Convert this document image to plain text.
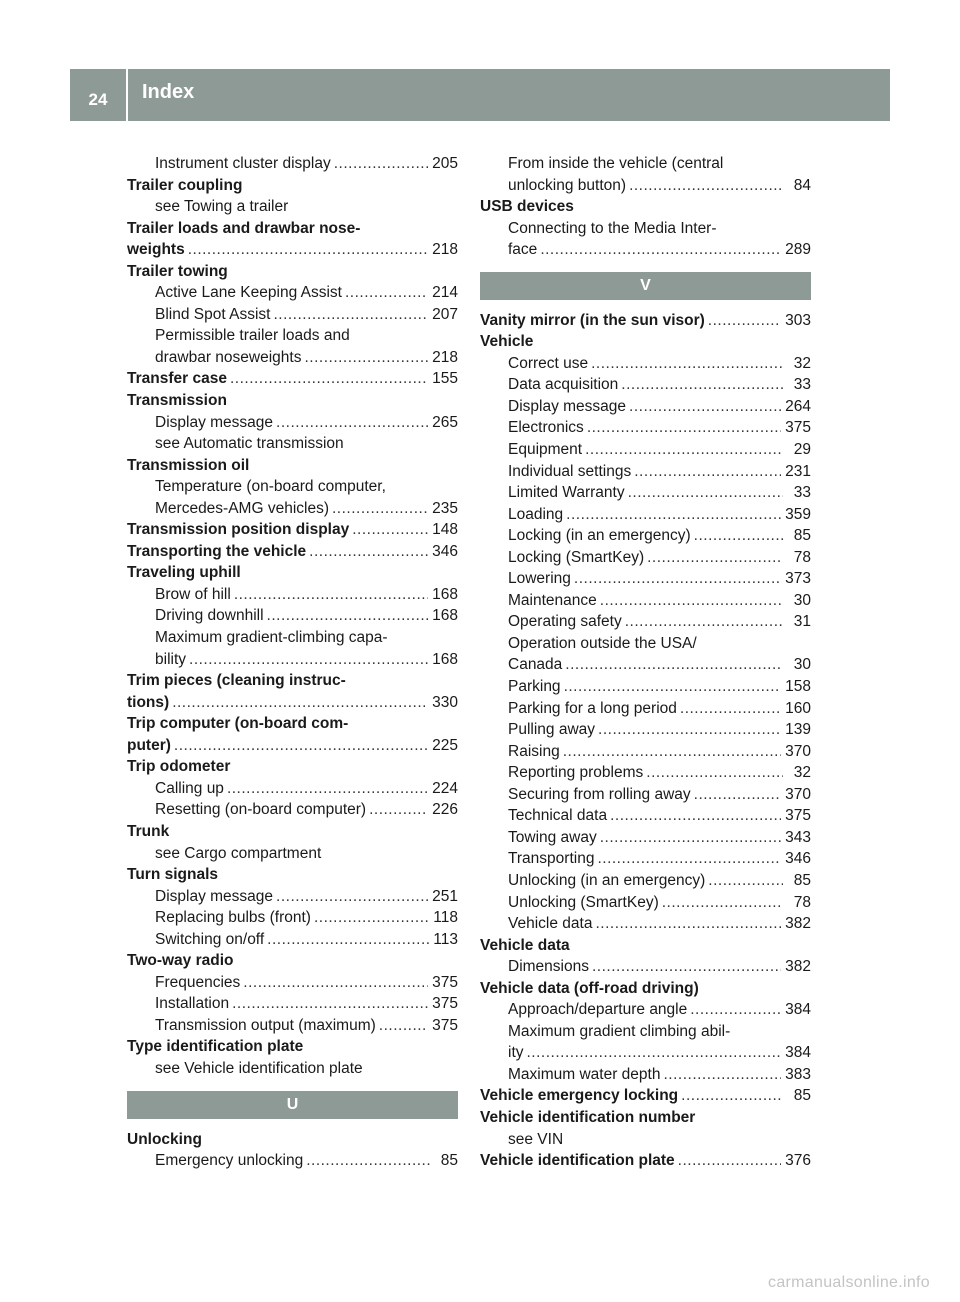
24	Index
Instrument cluster display .....	205
Trailer coupling
see Towing a trailer
Trailer loads and drawbar nose-
weights .....	218
Trailer towing
Active Lane Keeping Assist .....	214
Blind Spot Assist .....	207
Permissible trailer loads and
drawbar noseweights .....	218
Transfer case .....	155
Transmission
Display message .....	265
see Automatic transmission
Transmission oil
Temperature (on-board computer,
Mercedes-AMG vehicles) .....	235
Transmission position display .....	148
Transporting the vehicle .....	346
Traveling uphill
Brow of hill .....	168
Driving downhill .....	168
Maximum gradient-climbing capa-
bility .....	168
Trim pieces (cleaning instruc-
tions) .....	330
Trip computer (on-board com-
puter) .....	225
Trip odometer
Calling up .....	224
Resetting (on-board computer) .....	226
Trunk
see Cargo compartment
Turn signals
Display message .....	251
Replacing bulbs (front) .....	118
Switching on/off .....	113
Two-way radio
Frequencies .....	375
Installation .....	375
Transmission output (maximum) .....	375
Type identification plate
see Vehicle identification plate
U
Unlocking
Emergency unlocking .....	85
From inside the vehicle (central
unlocking button) .....	84
USB devices
Connecting to the Media Inter-
face .....	289
V
Vanity mirror (in the sun visor) .....	303
Vehicle
Correct use .....	32
Data acquisition .....	33
Display message .....	264
Electronics .....	375
Equipment .....	29
Individual settings .....	231
Limited Warranty .....	33
Loading .....	359
Locking (in an emergency) .....	85
Locking (SmartKey) .....	78
Lowering .....	373
Maintenance .....	30
Operating safety .....	31
Operation outside the USA/
Canada .....	30
Parking .....	158
Parking for a long period .....	160
Pulling away .....	139
Raising .....	370
Reporting problems .....	32
Securing from rolling away .....	370
Technical data .....	375
Towing away .....	343
Transporting .....	346
Unlocking (in an emergency) .....	85
Unlocking (SmartKey) .....	78
Vehicle data .....	382
Vehicle data
Dimensions .....	382
Vehicle data (off-road driving)
Approach/departure angle .....	384
Maximum gradient climbing abil-
ity .....	384
Maximum water depth .....	383
Vehicle emergency locking .....	85
Vehicle identification number
see VIN
Vehicle identification plate .....	376
carmanualsonline.info
